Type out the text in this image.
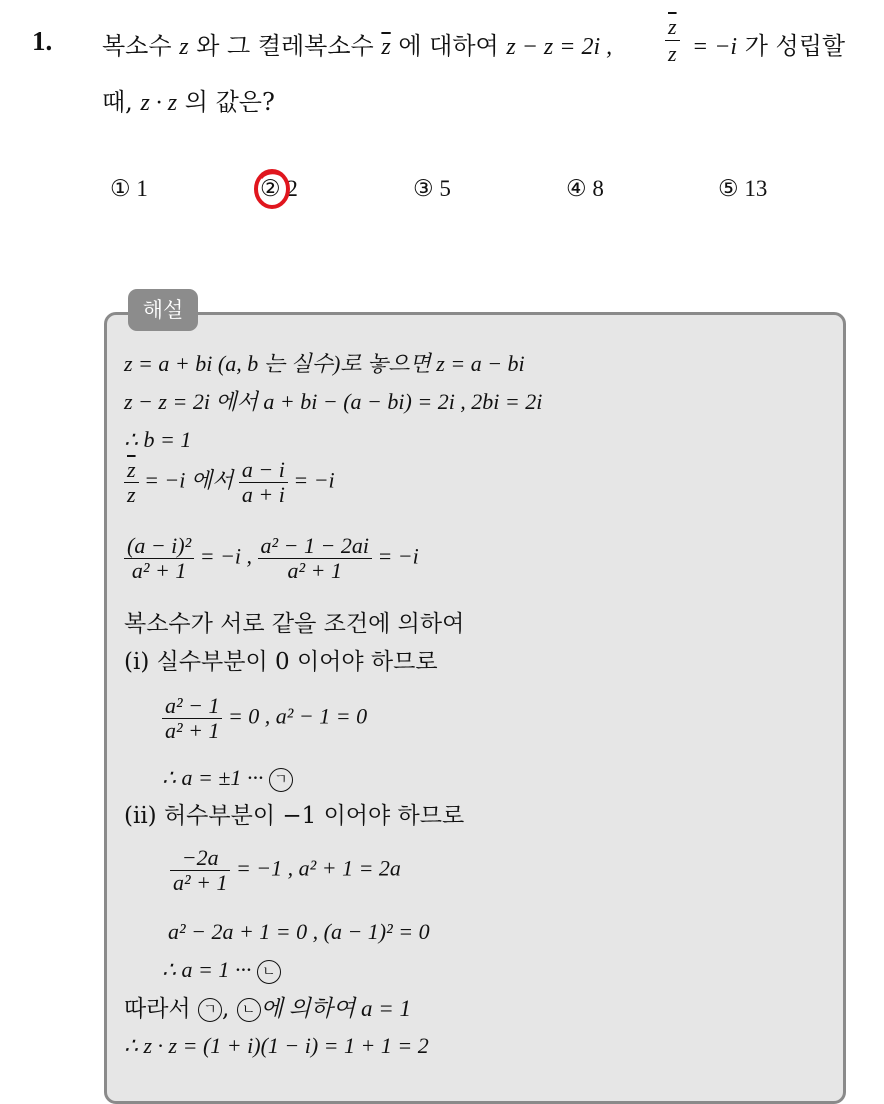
1. 복소수 z 와 그 켤레복소수 $\overline{z}$ 에 대하여 z − z = 2i , $\frac{\overline{z}}{z} = -i$ 가 성립할
때, z · z 의 값은?
① 1	② 2	③ 5	④ 8	⑤ 13
해설
z = a + bi (a, b 는 실수)로 놓으면 z = a − bi
z − z = 2i 에서 a + bi − (a − bi) = 2i , 2bi = 2i
∴ b = 1
$\frac{\overline{z}}{z} = -i$ 에서 $\frac{a - i}{a + i} = -i$
$\frac{\text{(a − i)²}}{\text{a² + 1}} = -i$ , $\frac{\text{a² − 1 − 2ai}}{\text{a² + 1}} = -i$
복소수가 서로 같을 조건에 의하여
(i) 실수부분이 0 이어야 하므로
$\frac{\text{a² − 1}}{\text{a² + 1}} = 0$ , a² − 1 = 0
∴ a = ±1 ··· ㄱ
(ii) 허수부분이 −1 이어야 하므로
$\frac{-2a}{\text{a² + 1}} = -1$ , a² + 1 = 2a
a² − 2a + 1 = 0 , (a − 1)² = 0
∴ a = 1 ··· ㄴ
따라서 ㄱ , ㄴ 에 의하여 a = 1
∴ z · z = (1 + i)(1 − i) = 1 + 1 = 2
